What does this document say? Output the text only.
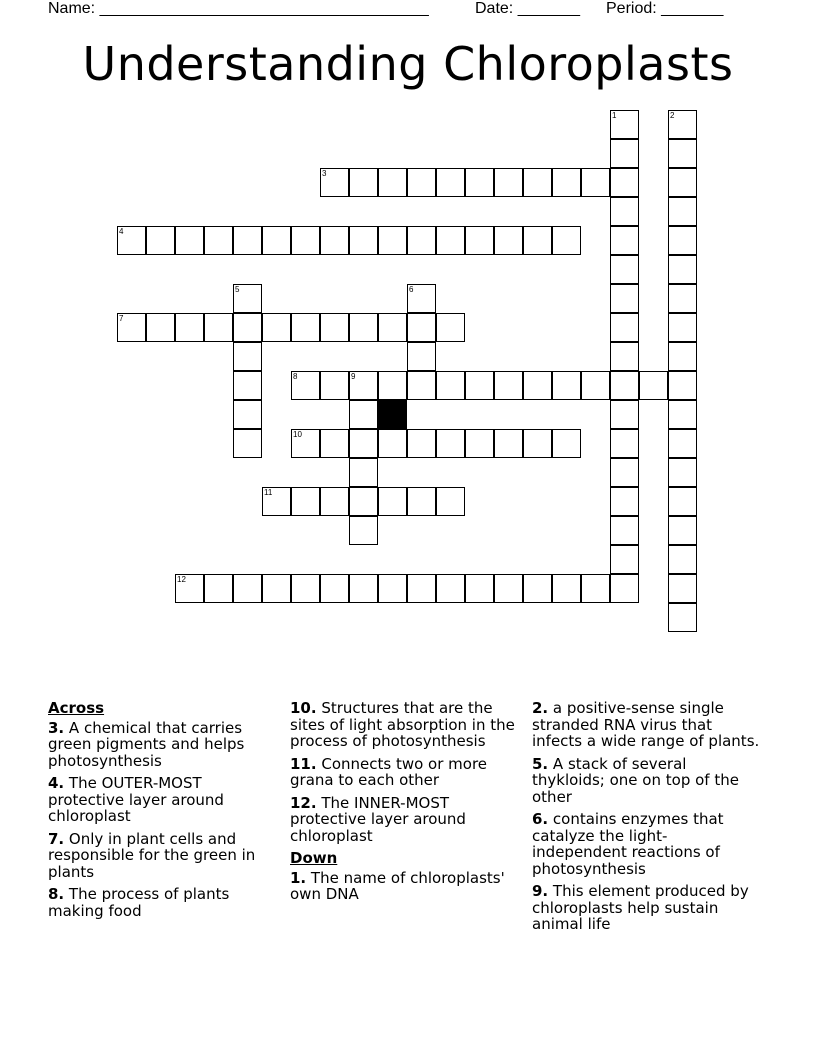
Name: _____________________________________	Date: _______ Period: _______
Understanding Chloroplasts
1	2
3
4
5	6
7
8	9
10
11
12
Across
3. A chemical that carries green pigments and helps photosynthesis
4. The OUTER-MOST protective layer around chloroplast
7. Only in plant cells and responsible for the green in plants
8. The process of plants making food
10. Structures that are the sites of light absorption in the process of photosynthesis
11. Connects two or more grana to each other
12. The INNER-MOST protective layer around chloroplast
Down
1. The name of chloroplasts' own DNA
2. a positive-sense single stranded RNA virus that infects a wide range of plants.
5. A stack of several thykloids; one on top of the other
6. contains enzymes that catalyze the light-independent reactions of photosynthesis
9. This element produced by chloroplasts help sustain animal life
